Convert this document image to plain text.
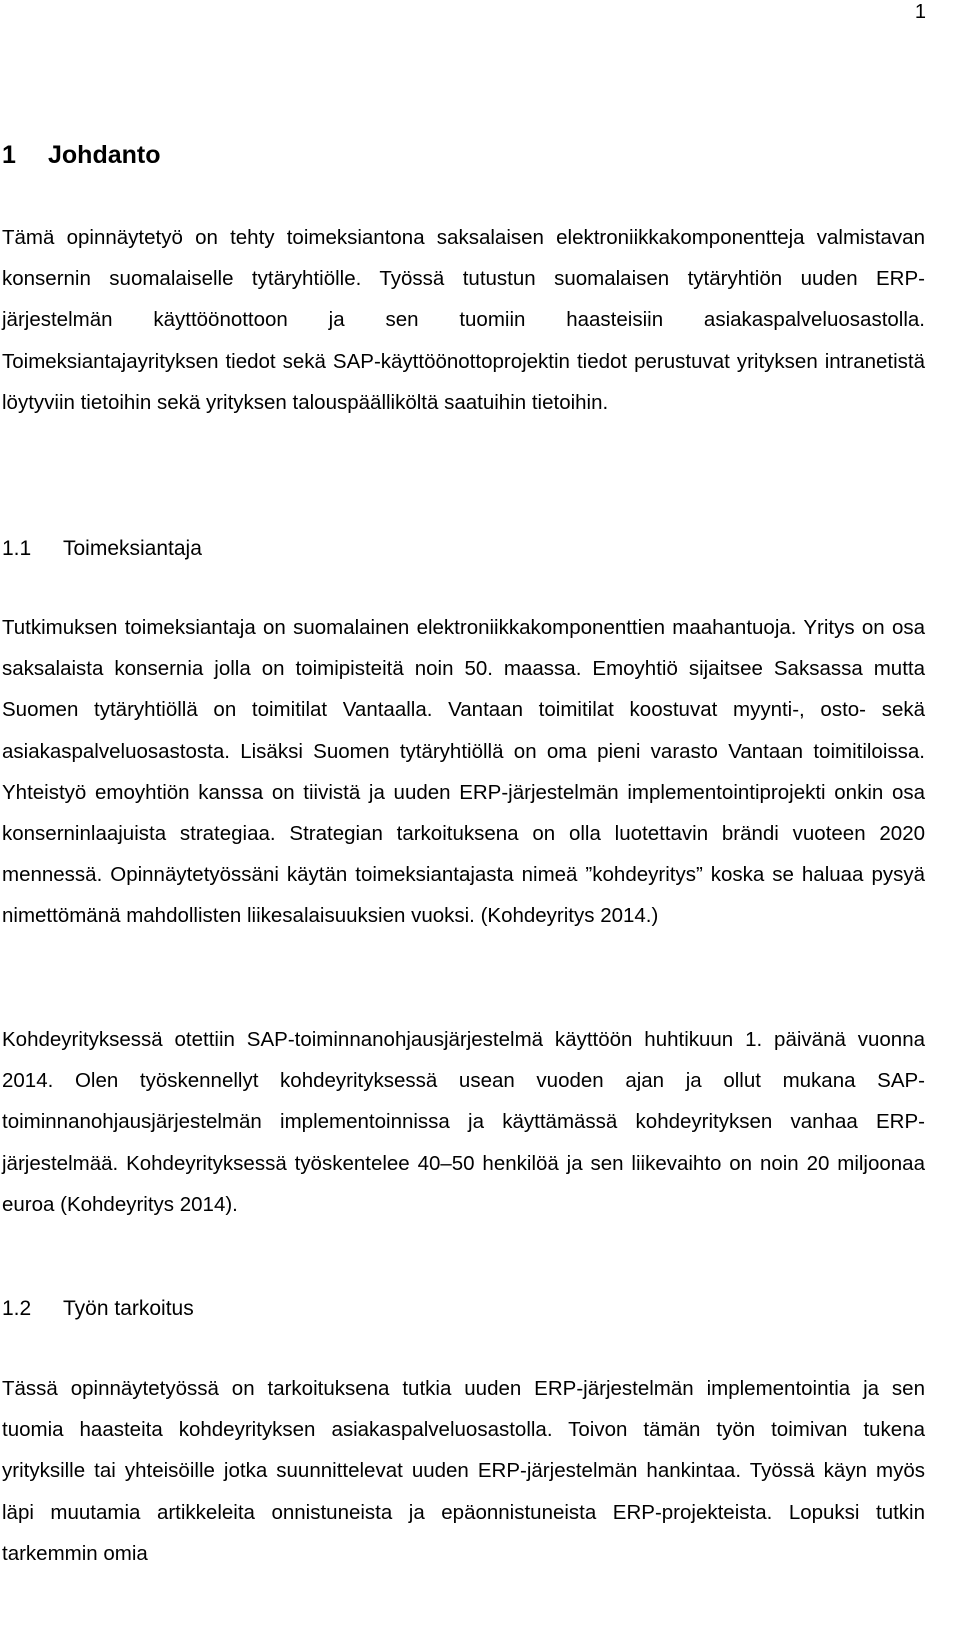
1
1 Johdanto

Tämä opinnäytetyö on tehty toimeksiantona saksalaisen elektroniikkakomponentteja valmistavan konsernin suomalaiselle tytäryhtiölle. Työssä tutustun suomalaisen tytäryhtiön uuden ERP-järjestelmän käyttöönottoon ja sen tuomiin haasteisiin asiakaspalveluosastolla. Toimeksiantajayrityksen tiedot sekä SAP-käyttöönottoprojektin tiedot perustuvat yrityksen intranetistä löytyviin tietoihin sekä yrityksen talouspäälliköltä saatuihin tietoihin.

1.1 Toimeksiantaja

Tutkimuksen toimeksiantaja on suomalainen elektroniikkakomponenttien maahantuoja. Yritys on osa saksalaista konsernia jolla on toimipisteitä noin 50. maassa. Emoyhtiö sijaitsee Saksassa mutta Suomen tytäryhtiöllä on toimitilat Vantaalla. Vantaan toimitilat koostuvat myynti-, osto- sekä asiakaspalveluosastosta. Lisäksi Suomen tytäryhtiöllä on oma pieni varasto Vantaan toimitiloissa. Yhteistyö emoyhtiön kanssa on tiivistä ja uuden ERP-järjestelmän implementointiprojekti onkin osa konserninlaajuista strategiaa. Strategian tarkoituksena on olla luotettavin brändi vuoteen 2020 mennessä. Opinnäytetyössäni käytän toimeksiantajasta nimeä ”kohdeyritys” koska se haluaa pysyä nimettömänä mahdollisten liikesalaisuuksien vuoksi. (Kohdeyritys 2014.)

Kohdeyrityksessä otettiin SAP-toiminnanohjausjärjestelmä käyttöön huhtikuun 1. päivänä vuonna 2014. Olen työskennellyt kohdeyrityksessä usean vuoden ajan ja ollut mukana SAP-toiminnanohjausjärjestelmän implementoinnissa ja käyttämässä kohdeyrityksen vanhaa ERP-järjestelmää. Kohdeyrityksessä työskentelee 40–50 henkilöä ja sen liikevaihto on noin 20 miljoonaa euroa (Kohdeyritys 2014).

1.2 Työn tarkoitus

Tässä opinnäytetyössä on tarkoituksena tutkia uuden ERP-järjestelmän implementointia ja sen tuomia haasteita kohdeyrityksen asiakaspalveluosastolla. Toivon tämän työn toimivan tukena yrityksille tai yhteisöille jotka suunnittelevat uuden ERP-järjestelmän hankintaa. Työssä käyn myös läpi muutamia artikkeleita onnistuneista ja epäonnistuneista ERP-projekteista. Lopuksi tutkin tarkemmin omia
